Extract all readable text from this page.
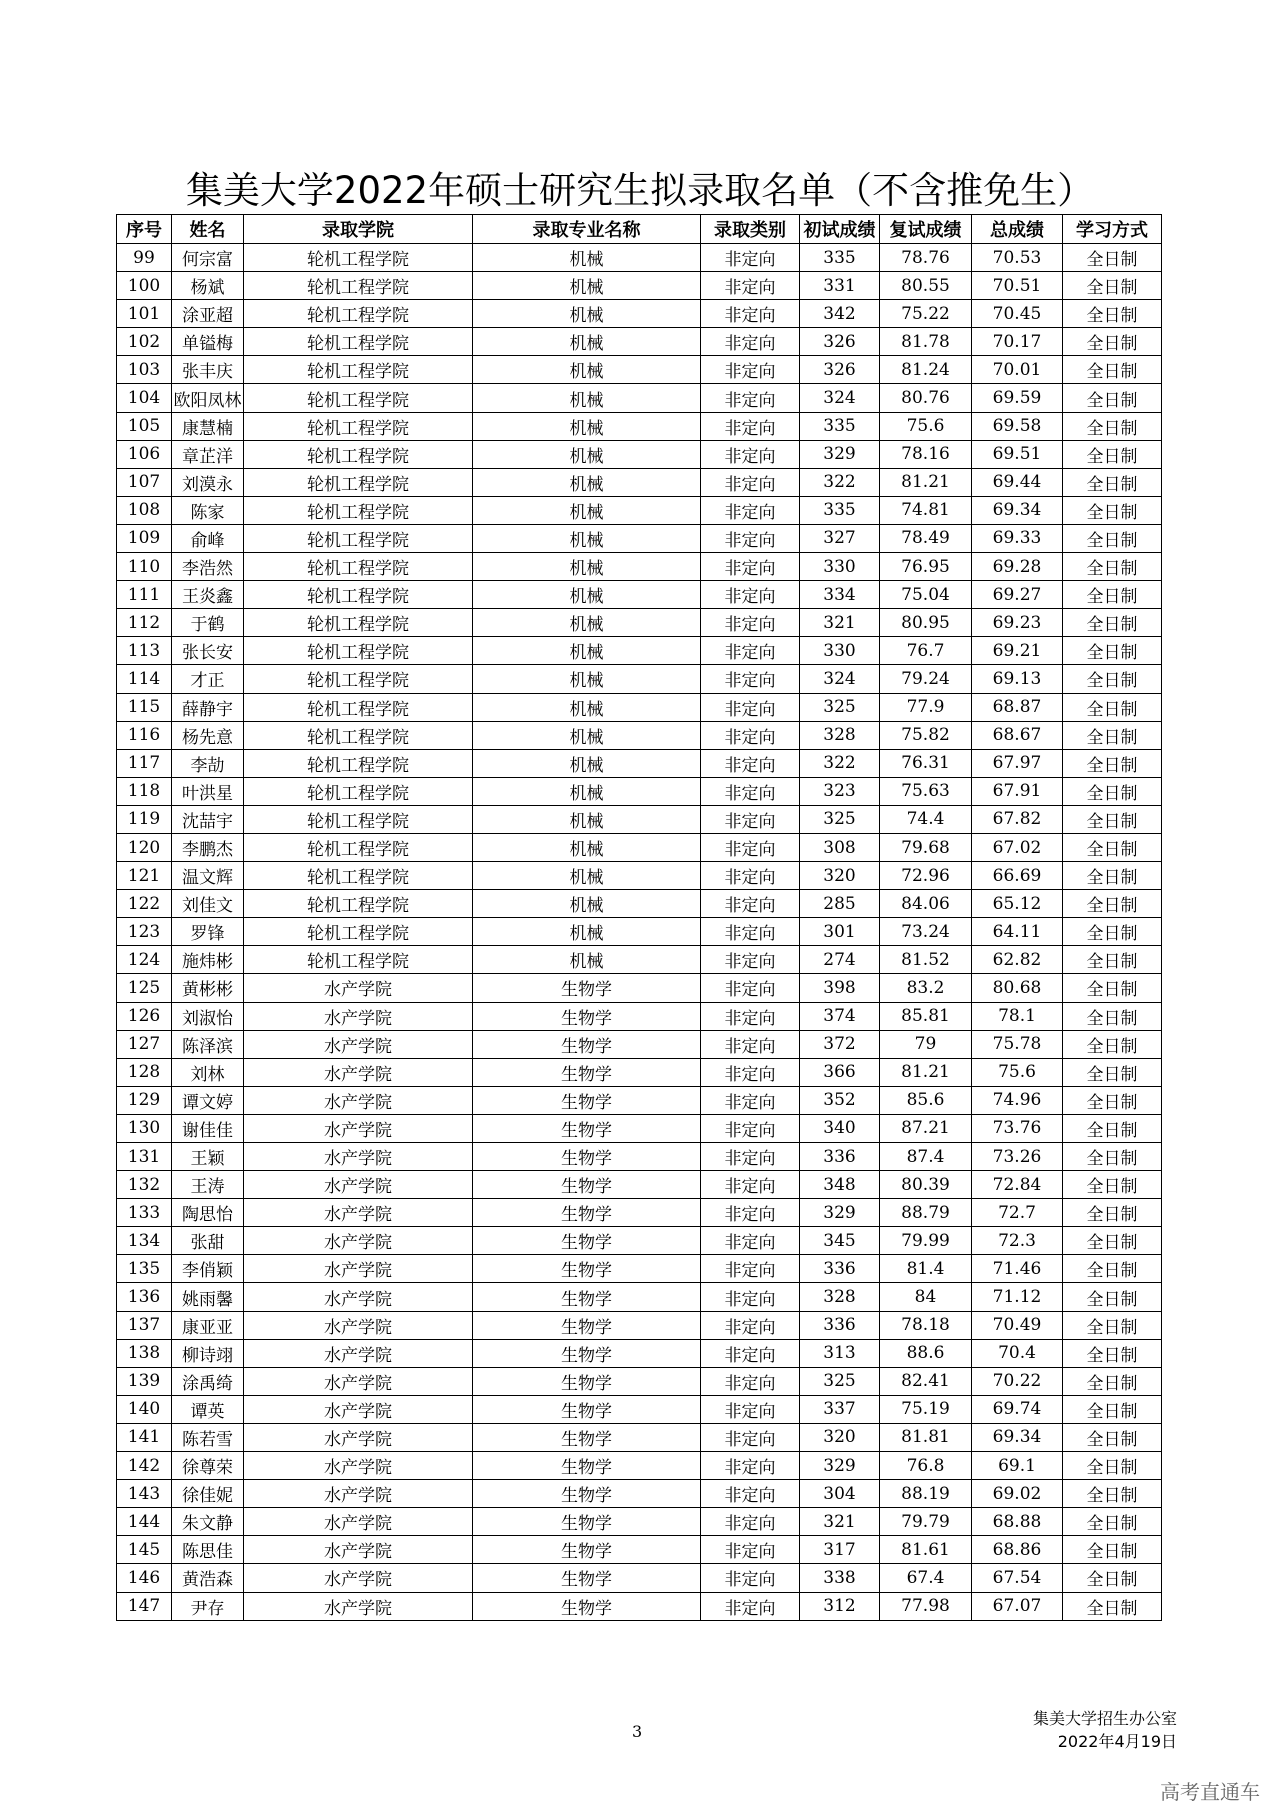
集美大学2022年硕士研究生拟录取名单（不含推免生）
序号	姓名	录取学院	录取专业名称	录取类别	初试成绩	复试成绩	总成绩	学习方式
99	何宗富	轮机工程学院	机械	非定向	335	78.76	70.53	全日制
100	杨斌	轮机工程学院	机械	非定向	331	80.55	70.51	全日制
101	涂亚超	轮机工程学院	机械	非定向	342	75.22	70.45	全日制
102	单镒梅	轮机工程学院	机械	非定向	326	81.78	70.17	全日制
103	张丰庆	轮机工程学院	机械	非定向	326	81.24	70.01	全日制
104	欧阳凤林	轮机工程学院	机械	非定向	324	80.76	69.59	全日制
105	康慧楠	轮机工程学院	机械	非定向	335	75.6	69.58	全日制
106	章芷洋	轮机工程学院	机械	非定向	329	78.16	69.51	全日制
107	刘漠永	轮机工程学院	机械	非定向	322	81.21	69.44	全日制
108	陈家	轮机工程学院	机械	非定向	335	74.81	69.34	全日制
109	俞峰	轮机工程学院	机械	非定向	327	78.49	69.33	全日制
110	李浩然	轮机工程学院	机械	非定向	330	76.95	69.28	全日制
111	王炎鑫	轮机工程学院	机械	非定向	334	75.04	69.27	全日制
112	于鹤	轮机工程学院	机械	非定向	321	80.95	69.23	全日制
113	张长安	轮机工程学院	机械	非定向	330	76.7	69.21	全日制
114	才正	轮机工程学院	机械	非定向	324	79.24	69.13	全日制
115	薛静宇	轮机工程学院	机械	非定向	325	77.9	68.87	全日制
116	杨先意	轮机工程学院	机械	非定向	328	75.82	68.67	全日制
117	李劼	轮机工程学院	机械	非定向	322	76.31	67.97	全日制
118	叶洪星	轮机工程学院	机械	非定向	323	75.63	67.91	全日制
119	沈喆宇	轮机工程学院	机械	非定向	325	74.4	67.82	全日制
120	李鹏杰	轮机工程学院	机械	非定向	308	79.68	67.02	全日制
121	温文辉	轮机工程学院	机械	非定向	320	72.96	66.69	全日制
122	刘佳文	轮机工程学院	机械	非定向	285	84.06	65.12	全日制
123	罗锋	轮机工程学院	机械	非定向	301	73.24	64.11	全日制
124	施炜彬	轮机工程学院	机械	非定向	274	81.52	62.82	全日制
125	黄彬彬	水产学院	生物学	非定向	398	83.2	80.68	全日制
126	刘淑怡	水产学院	生物学	非定向	374	85.81	78.1	全日制
127	陈泽滨	水产学院	生物学	非定向	372	79	75.78	全日制
128	刘林	水产学院	生物学	非定向	366	81.21	75.6	全日制
129	谭文婷	水产学院	生物学	非定向	352	85.6	74.96	全日制
130	谢佳佳	水产学院	生物学	非定向	340	87.21	73.76	全日制
131	王颖	水产学院	生物学	非定向	336	87.4	73.26	全日制
132	王涛	水产学院	生物学	非定向	348	80.39	72.84	全日制
133	陶思怡	水产学院	生物学	非定向	329	88.79	72.7	全日制
134	张甜	水产学院	生物学	非定向	345	79.99	72.3	全日制
135	李俏颖	水产学院	生物学	非定向	336	81.4	71.46	全日制
136	姚雨馨	水产学院	生物学	非定向	328	84	71.12	全日制
137	康亚亚	水产学院	生物学	非定向	336	78.18	70.49	全日制
138	柳诗翊	水产学院	生物学	非定向	313	88.6	70.4	全日制
139	涂禹绮	水产学院	生物学	非定向	325	82.41	70.22	全日制
140	谭英	水产学院	生物学	非定向	337	75.19	69.74	全日制
141	陈若雪	水产学院	生物学	非定向	320	81.81	69.34	全日制
142	徐尊荣	水产学院	生物学	非定向	329	76.8	69.1	全日制
143	徐佳妮	水产学院	生物学	非定向	304	88.19	69.02	全日制
144	朱文静	水产学院	生物学	非定向	321	79.79	68.88	全日制
145	陈思佳	水产学院	生物学	非定向	317	81.61	68.86	全日制
146	黄浩森	水产学院	生物学	非定向	338	67.4	67.54	全日制
147	尹存	水产学院	生物学	非定向	312	77.98	67.07	全日制
3
集美大学招生办公室
2022年4月19日
高考直通车
